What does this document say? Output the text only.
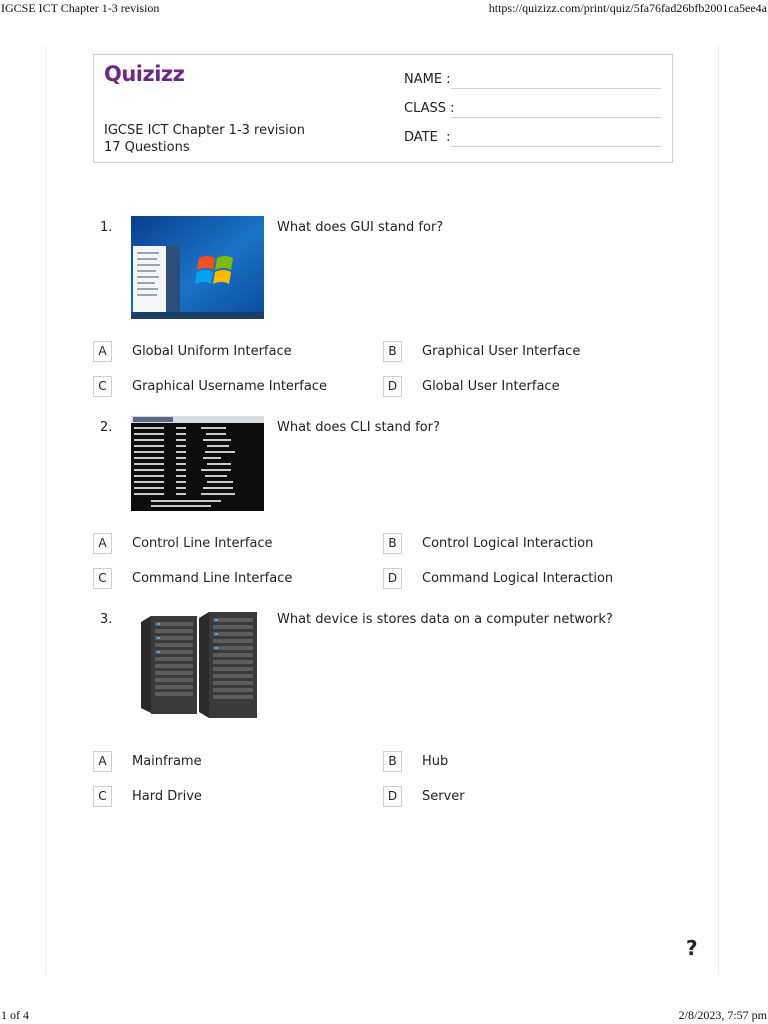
IGCSE ICT Chapter 1-3 revision	https://quizizz.com/print/quiz/5fa76fad26bfb2001ca5ee4a
Quizizz
IGCSE ICT Chapter 1-3 revision
17 Questions
NAME :
CLASS :
DATE  :
1.	What does GUI stand for?
A	Global Uniform Interface	B	Graphical User Interface
C	Graphical Username Interface	D	Global User Interface
2.	What does CLI stand for?
A	Control Line Interface	B	Control Logical Interaction
C	Command Line Interface	D	Command Logical Interaction
3.	What device is stores data on a computer network?
A	Mainframe	B	Hub
C	Hard Drive	D	Server
?
1 of 4	2/8/2023, 7:57 pm
